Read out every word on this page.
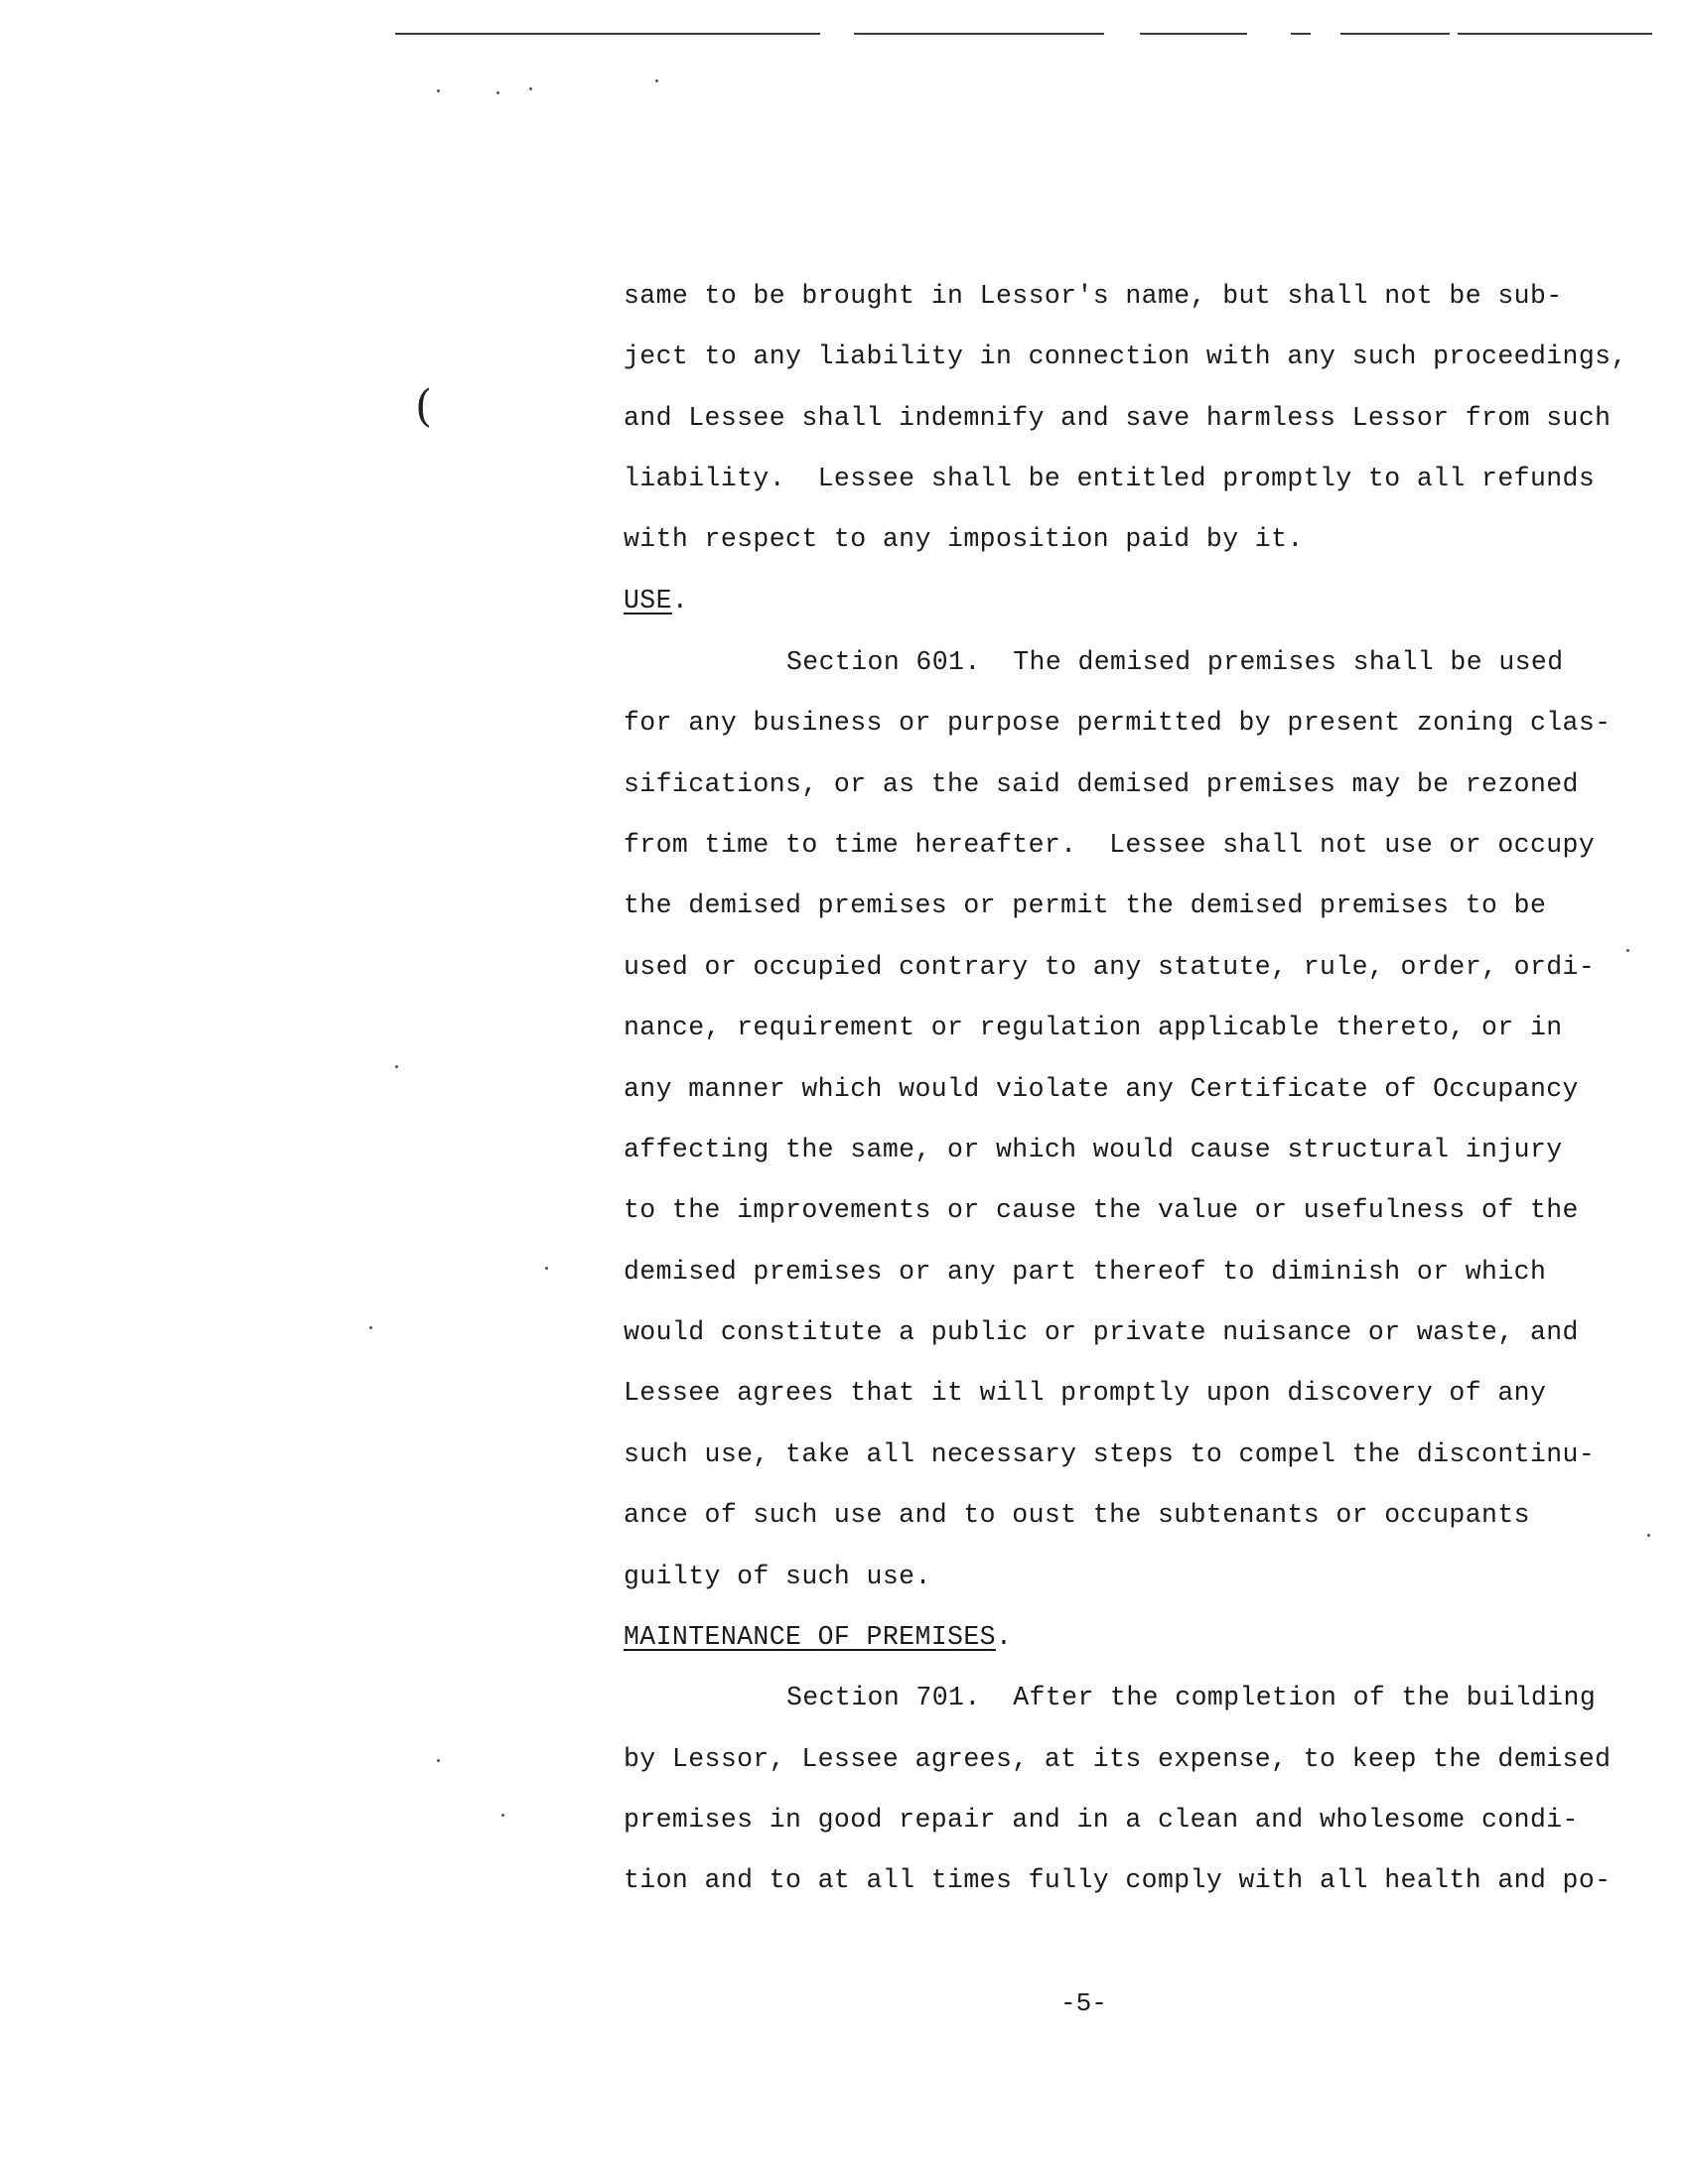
(
same to be brought in Lessor's name, but shall not be sub-
ject to any liability in connection with any such proceedings,
and Lessee shall indemnify and save harmless Lessor from such
liability.  Lessee shall be entitled promptly to all refunds
with respect to any imposition paid by it.
USE.
Section 601.  The demised premises shall be used
for any business or purpose permitted by present zoning clas-
sifications, or as the said demised premises may be rezoned
from time to time hereafter.  Lessee shall not use or occupy
the demised premises or permit the demised premises to be
used or occupied contrary to any statute, rule, order, ordi-
nance, requirement or regulation applicable thereto, or in
any manner which would violate any Certificate of Occupancy
affecting the same, or which would cause structural injury
to the improvements or cause the value or usefulness of the
demised premises or any part thereof to diminish or which
would constitute a public or private nuisance or waste, and
Lessee agrees that it will promptly upon discovery of any
such use, take all necessary steps to compel the discontinu-
ance of such use and to oust the subtenants or occupants
guilty of such use.
MAINTENANCE OF PREMISES.
Section 701.  After the completion of the building
by Lessor, Lessee agrees, at its expense, to keep the demised
premises in good repair and in a clean and wholesome condi-
tion and to at all times fully comply with all health and po-
-5-
